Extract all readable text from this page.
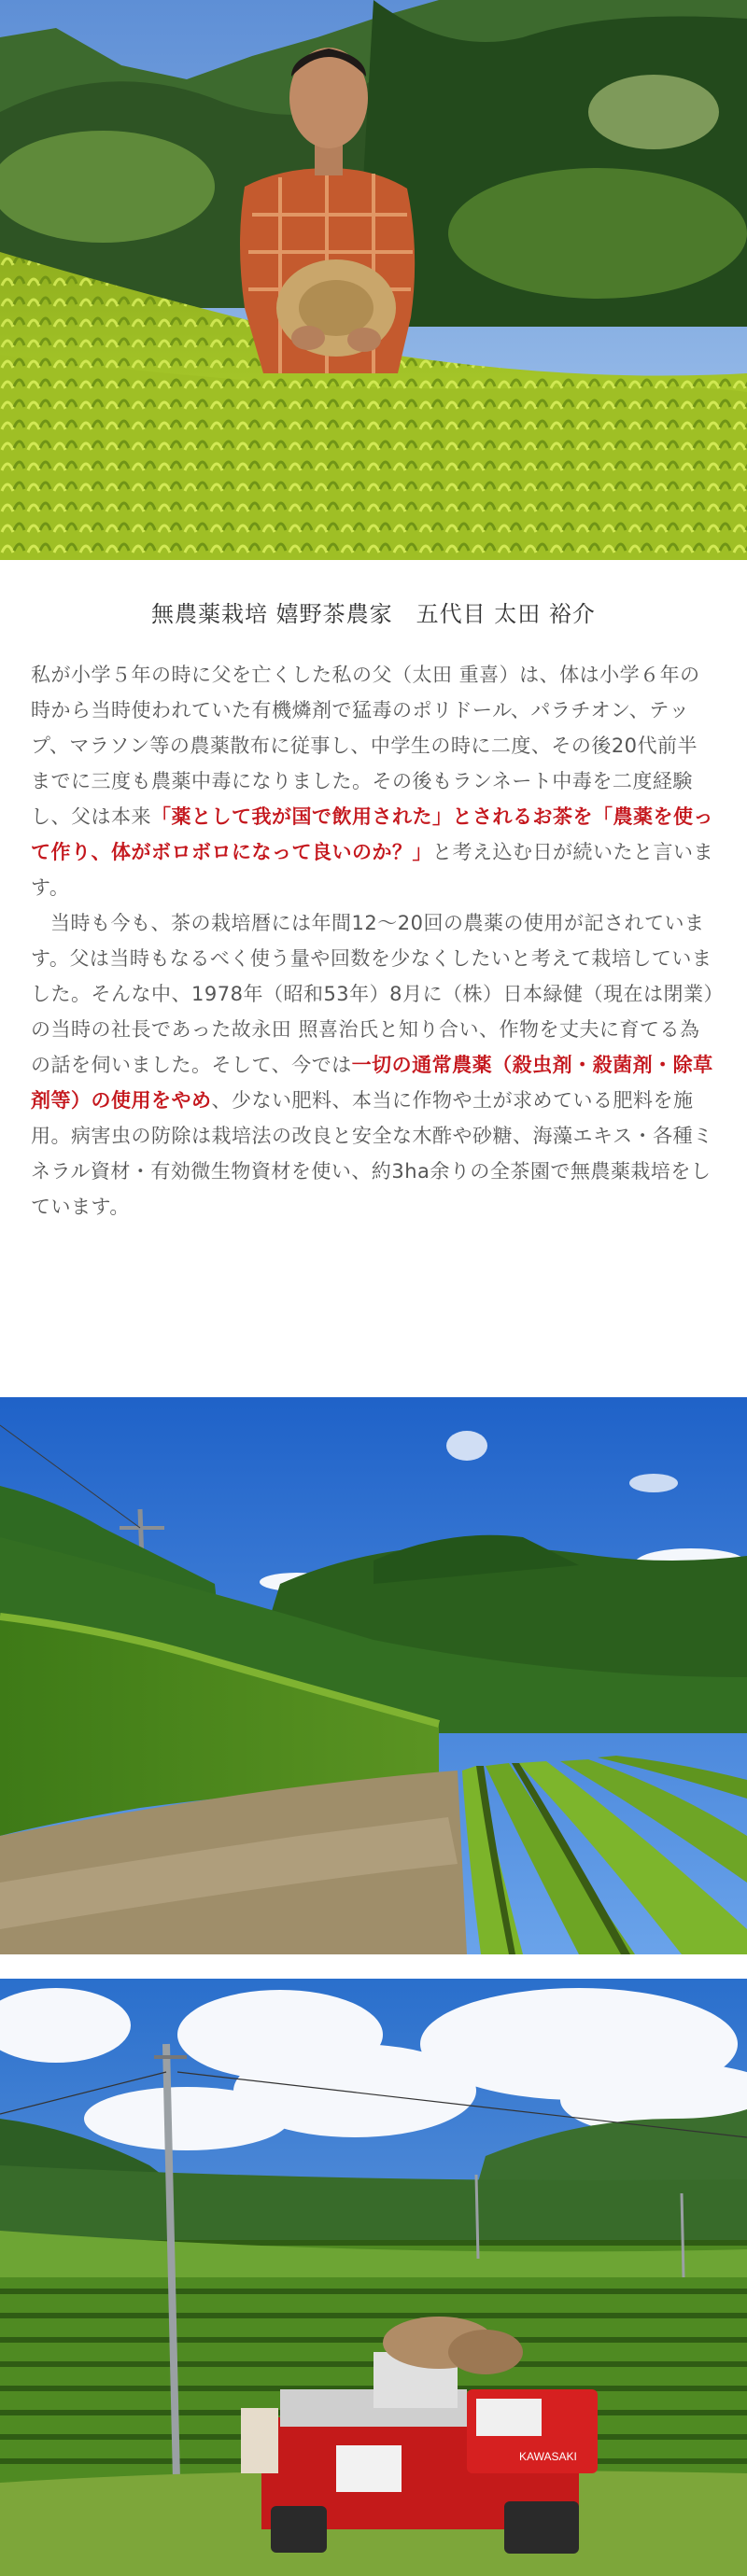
無農薬栽培 嬉野茶農家　五代目 太田 裕介

私が小学５年の時に父を亡くした私の父（太田 重喜）は、体は小学６年の時から当時使われていた有機燐剤で猛毒のポリドール、パラチオン、テップ、マラソン等の農薬散布に従事し、中学生の時に二度、その後20代前半までに三度も農薬中毒になりました。その後もランネート中毒を二度経験し、父は本来「薬として我が国で飲用された」とされるお茶を「農薬を使って作り、体がボロボロになって良いのか？」と考え込む日が続いたと言います。

当時も今も、茶の栽培暦には年間12～20回の農薬の使用が記されています。父は当時もなるべく使う量や回数を少なくしたいと考えて栽培していました。そんな中、1978年（昭和53年）8月に（株）日本緑健（現在は閉業）の当時の社長であった故永田 照喜治氏と知り合い、作物を丈夫に育てる為の話を伺いました。そして、今では一切の通常農薬（殺虫剤・殺菌剤・除草剤等）の使用をやめ、少ない肥料、本当に作物や土が求めている肥料を施用。病害虫の防除は栽培法の改良と安全な木酢や砂糖、海藻エキス・各種ミネラル資材・有効微生物資材を使い、約3ha余りの全茶園で無農薬栽培をしています。

KAWASAKI
